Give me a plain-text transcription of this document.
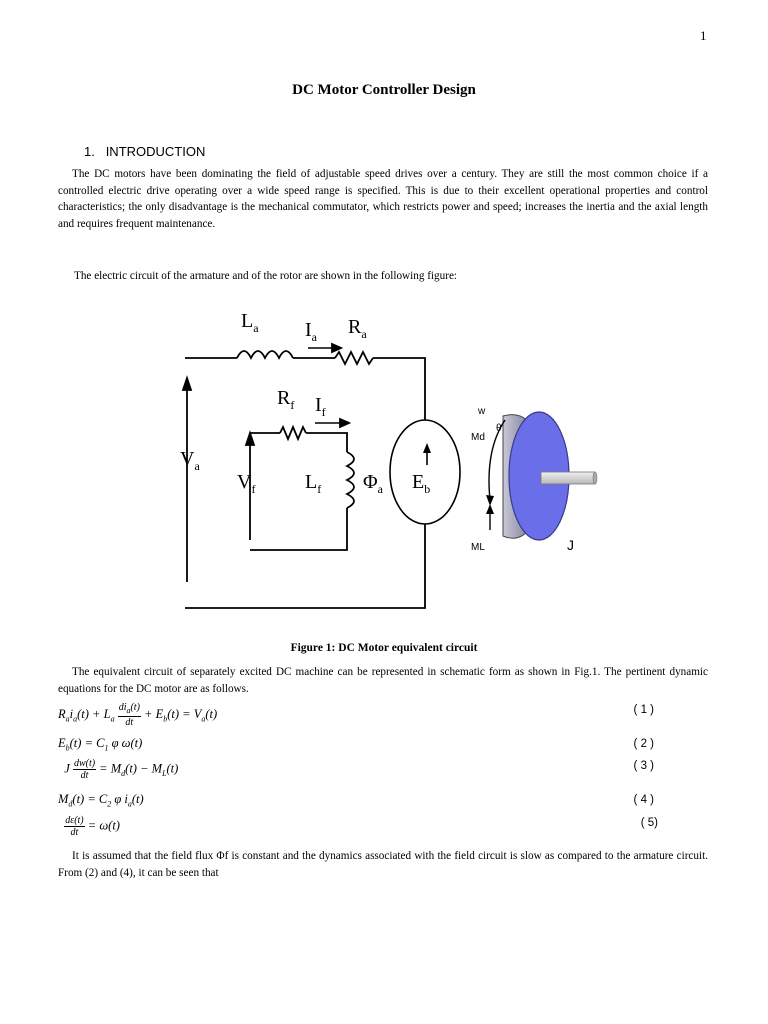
1
DC Motor Controller Design
1. INTRODUCTION
The DC motors have been dominating the field of adjustable speed drives over a century. They are still the most common choice if a controlled electric drive operating over a wide speed range is specified. This is due to their excellent operational properties and control characteristics; the only disadvantage is the mechanical commutator, which restricts power and speed; increases the inertia and the axial length and requires frequent maintenance.
The electric circuit of the armature and of the rotor are shown in the following figure:
$L_a$ $I_a$ $R_a$
$R_f$ $I_f$
$V_a$
$V_f$ $L_f$ $\Phi_a$ $E_b$
w
Md
θ
ML	J
Figure 1: DC Motor equivalent circuit
The equivalent circuit of separately excited DC machine can be represented in schematic form as shown in Fig.1. The pertinent dynamic equations for the DC motor are as follows.
$R_ai_a(t) + L_a \frac{di_a(t)}{dt} + E_b(t) = V_a(t)$	( 1 )
$E_b(t) = C_1$ φ ω(t)	( 2 )
J $\frac{dw(t)}{dt} = M_d(t) - M_L(t)$	( 3 )
$M_d(t) = C_2$ φ $i_a(t)$	( 4 )

$\frac{d\varepsilon(t)}{dt} = \omega(t)$	( 5)
It is assumed that the field flux Φf is constant and the dynamics associated with the field circuit is slow as compared to the armature circuit. From (2) and (4), it can be seen that
